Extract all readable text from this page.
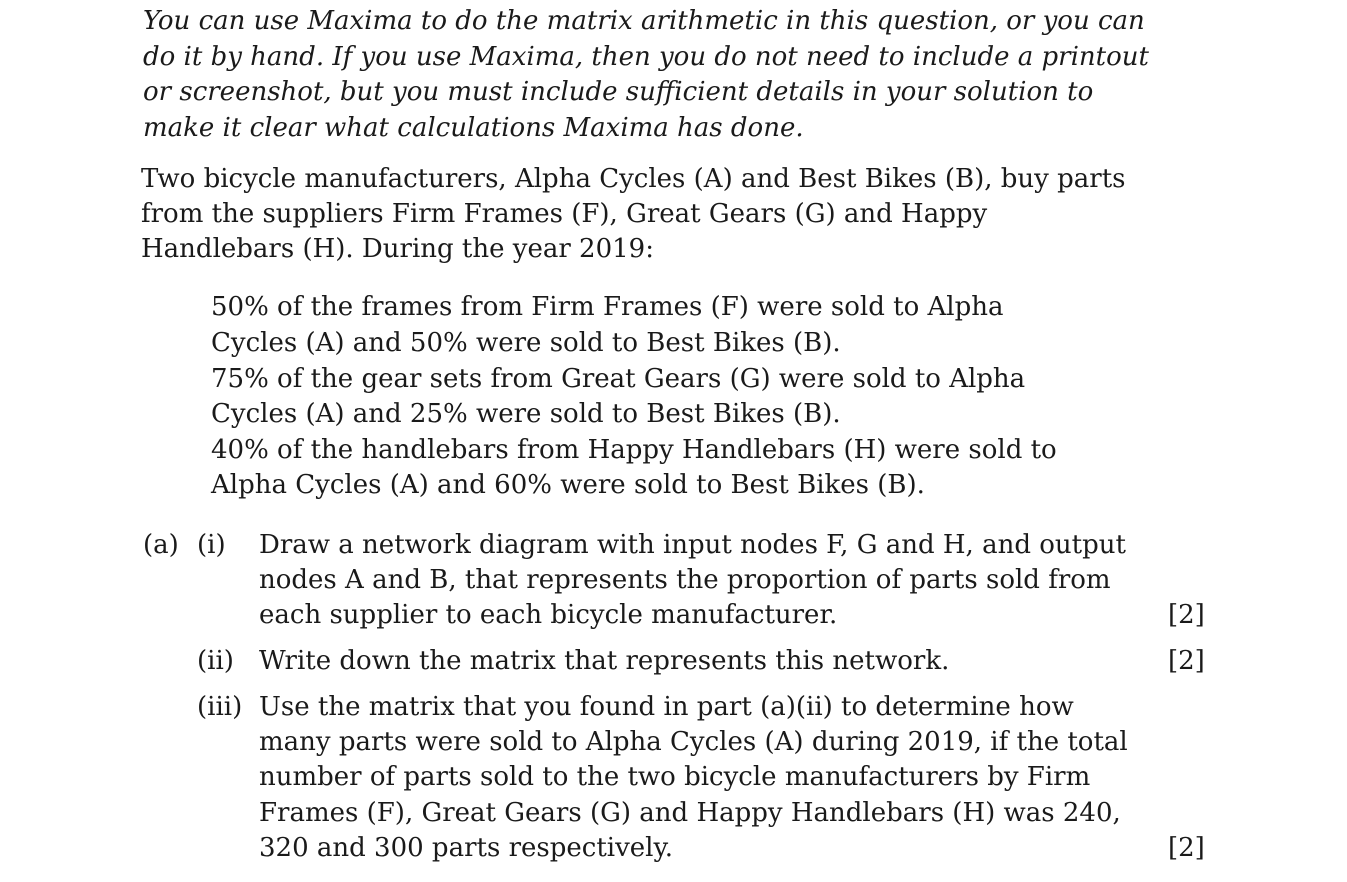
You can use Maxima to do the matrix arithmetic in this question, or you can
do it by hand. If you use Maxima, then you do not need to include a printout
or screenshot, but you must include sufficient details in your solution to
make it clear what calculations Maxima has done.
Two bicycle manufacturers, Alpha Cycles (A) and Best Bikes (B), buy parts
from the suppliers Firm Frames (F), Great Gears (G) and Happy
Handlebars (H). During the year 2019:
50% of the frames from Firm Frames (F) were sold to Alpha
Cycles (A) and 50% were sold to Best Bikes (B).
75% of the gear sets from Great Gears (G) were sold to Alpha
Cycles (A) and 25% were sold to Best Bikes (B).
40% of the handlebars from Happy Handlebars (H) were sold to
Alpha Cycles (A) and 60% were sold to Best Bikes (B).
(a) (i) Draw a network diagram with input nodes F, G and H, and output
nodes A and B, that represents the proportion of parts sold from
each supplier to each bicycle manufacturer.	[2]
(ii) Write down the matrix that represents this network.	[2]
(iii) Use the matrix that you found in part (a)(ii) to determine how
many parts were sold to Alpha Cycles (A) during 2019, if the total
number of parts sold to the two bicycle manufacturers by Firm
Frames (F), Great Gears (G) and Happy Handlebars (H) was 240,
320 and 300 parts respectively.	[2]
